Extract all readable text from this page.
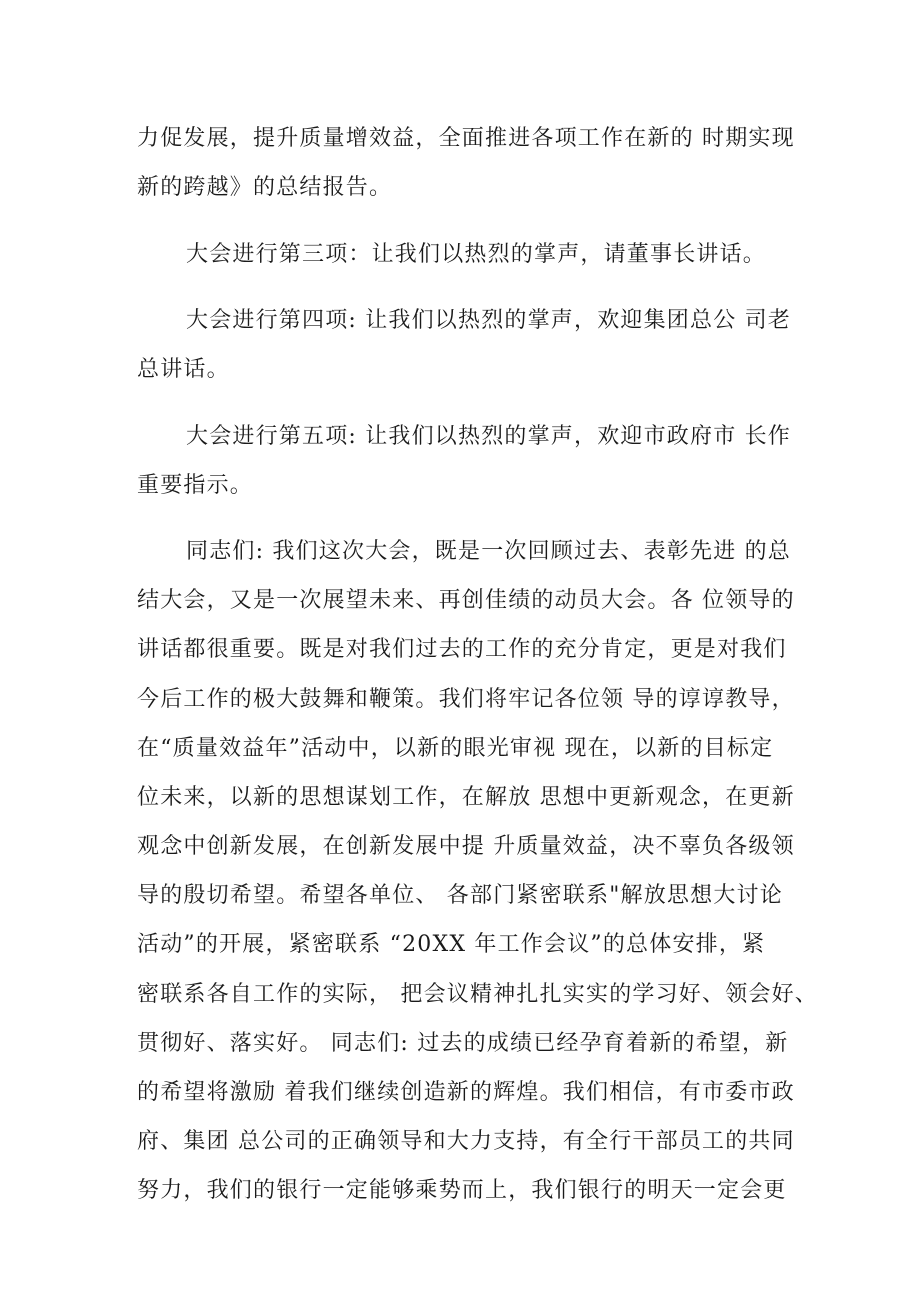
力促发展，提升质量增效益，全面推进各项工作在新的 时期实现
新的跨越》的总结报告。
大会进行第三项：让我们以热烈的掌声，请董事长讲话。
大会进行第四项: 让我们以热烈的掌声，欢迎集团总公 司老
总讲话。
大会进行第五项: 让我们以热烈的掌声，欢迎市政府市 长作
重要指示。
同志们: 我们这次大会，既是一次回顾过去、表彰先进 的总
结大会，又是一次展望未来、再创佳绩的动员大会。各 位领导的
讲话都很重要。既是对我们过去的工作的充分肯定，更是对我们
今后工作的极大鼓舞和鞭策。我们将牢记各位领 导的谆谆教导，
在“质量效益年”活动中，以新的眼光审视 现在，以新的目标定
位未来，以新的思想谋划工作，在解放 思想中更新观念，在更新
观念中创新发展，在创新发展中提 升质量效益，决不辜负各级领
导的殷切希望。希望各单位、 各部门紧密联系"解放思想大讨论
活动”的开展，紧密联系 “20XX 年工作会议”的总体安排，紧
密联系各自工作的实际， 把会议精神扎扎实实的学习好、领会好、
贯彻好、落实好。 同志们: 过去的成绩已经孕育着新的希望，新
的希望将激励 着我们继续创造新的辉煌。我们相信，有市委市政
府、集团 总公司的正确领导和大力支持，有全行干部员工的共同
努力，我们的银行一定能够乘势而上，我们银行的明天一定会更
